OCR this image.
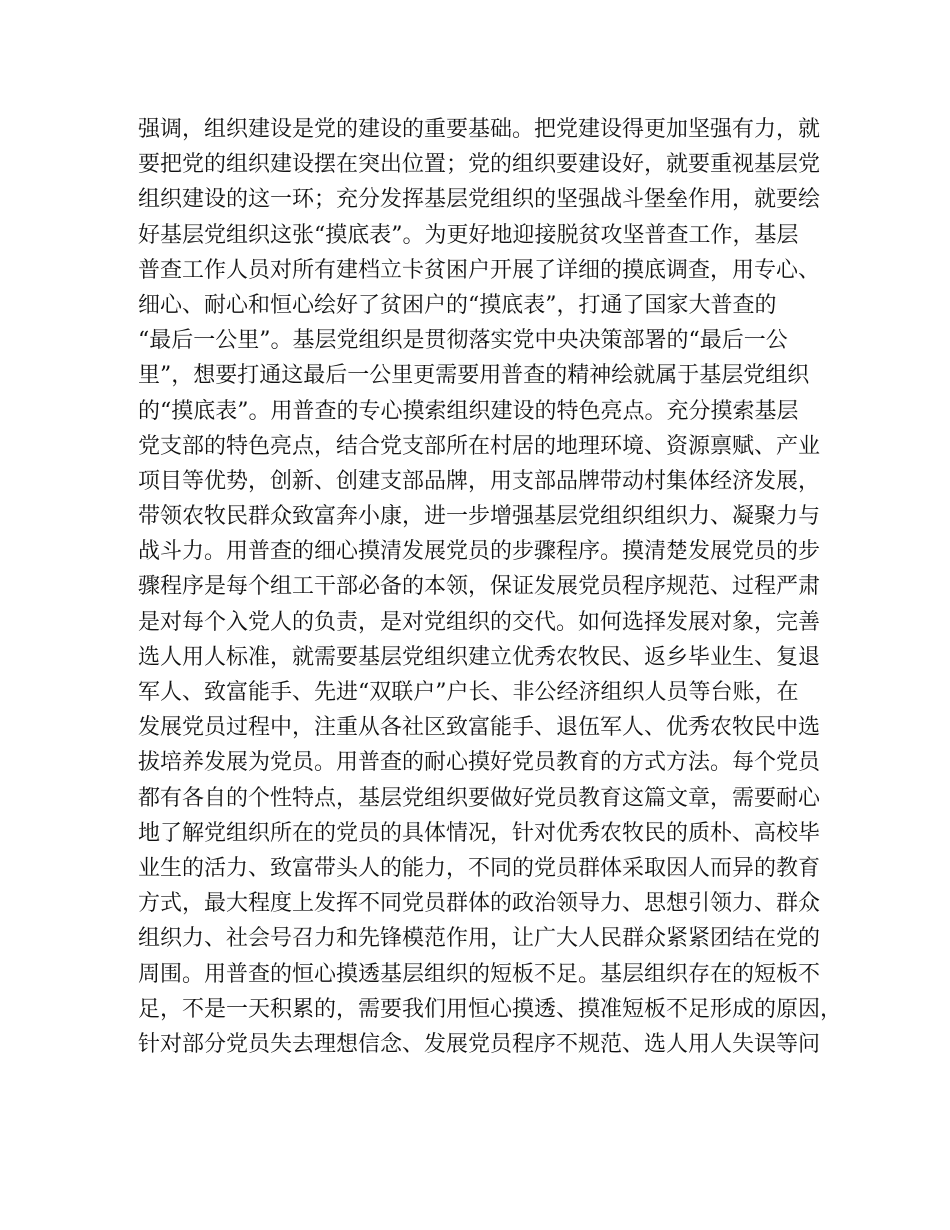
强调，组织建设是党的建设的重要基础。把党建设得更加坚强有力，就
要把党的组织建设摆在突出位置；党的组织要建设好，就要重视基层党
组织建设的这一环；充分发挥基层党组织的坚强战斗堡垒作用，就要绘
好基层党组织这张“摸底表”。为更好地迎接脱贫攻坚普查工作，基层
普查工作人员对所有建档立卡贫困户开展了详细的摸底调查，用专心、
细心、耐心和恒心绘好了贫困户的“摸底表”，打通了国家大普查的
“最后一公里”。基层党组织是贯彻落实党中央决策部署的“最后一公
里”，想要打通这最后一公里更需要用普查的精神绘就属于基层党组织
的“摸底表”。用普查的专心摸索组织建设的特色亮点。充分摸索基层
党支部的特色亮点，结合党支部所在村居的地理环境、资源禀赋、产业
项目等优势，创新、创建支部品牌，用支部品牌带动村集体经济发展，
带领农牧民群众致富奔小康，进一步增强基层党组织组织力、凝聚力与
战斗力。用普查的细心摸清发展党员的步骤程序。摸清楚发展党员的步
骤程序是每个组工干部必备的本领，保证发展党员程序规范、过程严肃
是对每个入党人的负责，是对党组织的交代。如何选择发展对象，完善
选人用人标准，就需要基层党组织建立优秀农牧民、返乡毕业生、复退
军人、致富能手、先进“双联户”户长、非公经济组织人员等台账，在
发展党员过程中，注重从各社区致富能手、退伍军人、优秀农牧民中选
拔培养发展为党员。用普查的耐心摸好党员教育的方式方法。每个党员
都有各自的个性特点，基层党组织要做好党员教育这篇文章，需要耐心
地了解党组织所在的党员的具体情况，针对优秀农牧民的质朴、高校毕
业生的活力、致富带头人的能力，不同的党员群体采取因人而异的教育
方式，最大程度上发挥不同党员群体的政治领导力、思想引领力、群众
组织力、社会号召力和先锋模范作用，让广大人民群众紧紧团结在党的
周围。用普查的恒心摸透基层组织的短板不足。基层组织存在的短板不
足，不是一天积累的，需要我们用恒心摸透、摸准短板不足形成的原因，
针对部分党员失去理想信念、发展党员程序不规范、选人用人失误等问
